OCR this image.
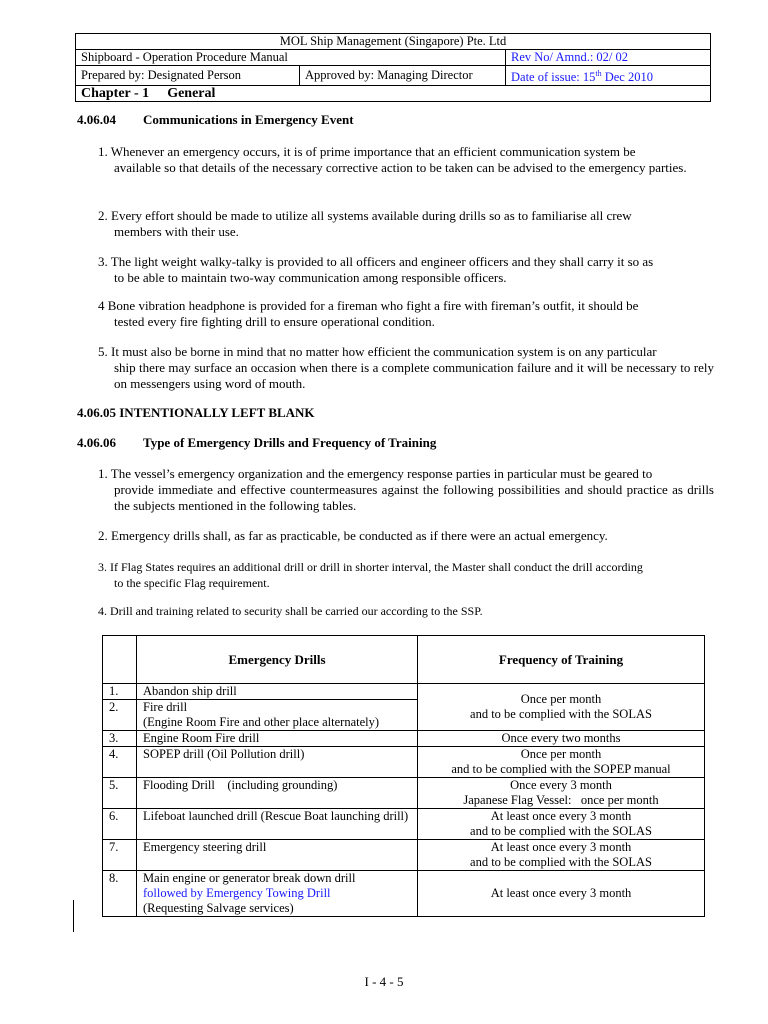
MOL Ship Management (Singapore) Pte. Ltd		
Shipboard - Operation Procedure Manual		Rev No/ Amnd.: 02/ 02
Prepared by: Designated Person	Approved by: Managing Director	Date of issue: 15th Dec 2010
Chapter - 1 General		

4.06.04 Communications in Emergency Event

1. Whenever an emergency occurs, it is of prime importance that an efficient communication system be
available so that details of the necessary corrective action to be taken can be advised to the emergency parties.
2. Every effort should be made to utilize all systems available during drills so as to familiarise all crew
members with their use.
3. The light weight walky-talky is provided to all officers and engineer officers and they shall carry it so as
to be able to maintain two-way communication among responsible officers.
4 Bone vibration headphone is provided for a fireman who fight a fire with fireman’s outfit, it should be
tested every fire fighting drill to ensure operational condition.
5. It must also be borne in mind that no matter how efficient the communication system is on any particular
ship there may surface an occasion when there is a complete communication failure and it will be necessary to rely on messengers using word of mouth.

4.06.05 INTENTIONALLY LEFT BLANK

4.06.06 Type of Emergency Drills and Frequency of Training

1. The vessel’s emergency organization and the emergency response parties in particular must be geared to
provide immediate and effective countermeasures against the following possibilities and should practice as drills the subjects mentioned in the following tables.
2. Emergency drills shall, as far as practicable, be conducted as if there were an actual emergency.
3. If Flag States requires an additional drill or drill in shorter interval, the Master shall conduct the drill according
to the specific Flag requirement.
4. Drill and training related to security shall be carried our according to the SSP.
	Emergency Drills	Frequency of Training
1.	Abandon ship drill	Once per month
and to be complied with the SOLAS

2.	Fire drill
(Engine Room Fire and other place alternately)	

3.	Engine Room Fire drill	Once every two months
4.	SOPEP drill (Oil Pollution drill)	Once per month
and to be complied with the SOPEP manual

5.	Flooding Drill    (including grounding)	Once every 3 month
Japanese Flag Vessel:   once per month

6.	Lifeboat launched drill (Rescue Boat launching drill)	At least once every 3 month
and to be complied with the SOLAS

7.	Emergency steering drill	At least once every 3 month
and to be complied with the SOLAS

8.	Main engine or generator break down drill
followed by Emergency Towing Drill
(Requesting Salvage services)	At least once every 3 month
I - 4 - 5
